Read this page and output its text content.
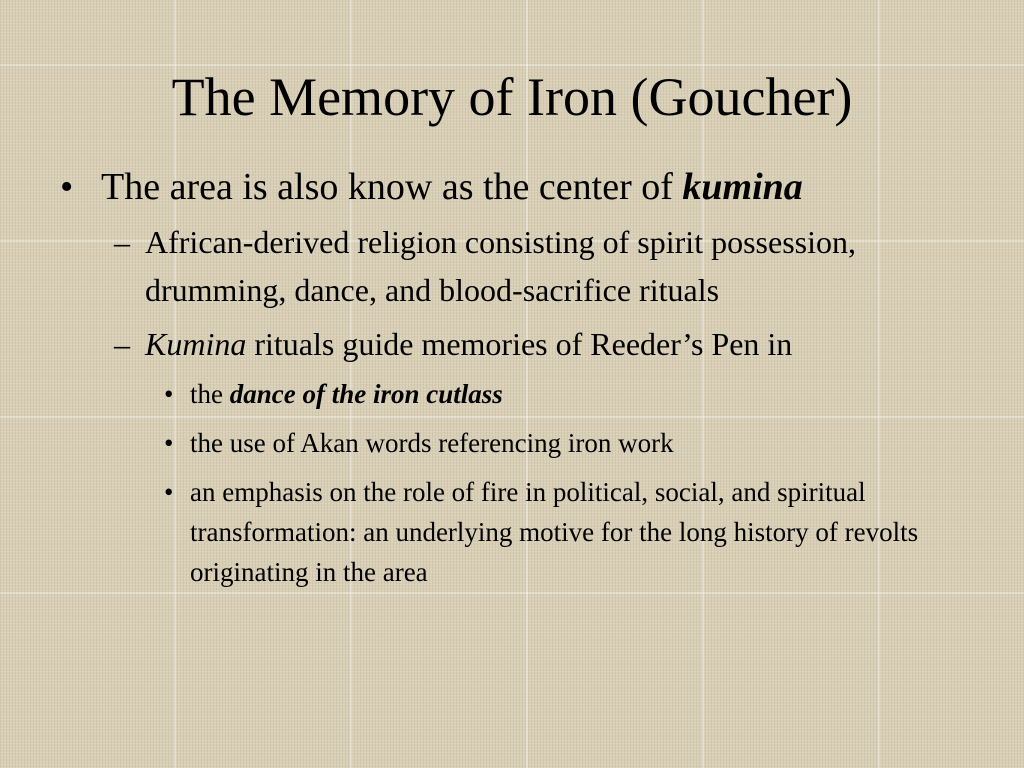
The Memory of Iron (Goucher)
• The area is also know as the center of kumina
– African-derived religion consisting of spirit possession, drumming, dance, and blood-sacrifice rituals
– Kumina rituals guide memories of Reeder’s Pen in
• the dance of the iron cutlass
• the use of Akan words referencing iron work
• an emphasis on the role of fire in political, social, and spiritual transformation: an underlying motive for the long history of revolts originating in the area
